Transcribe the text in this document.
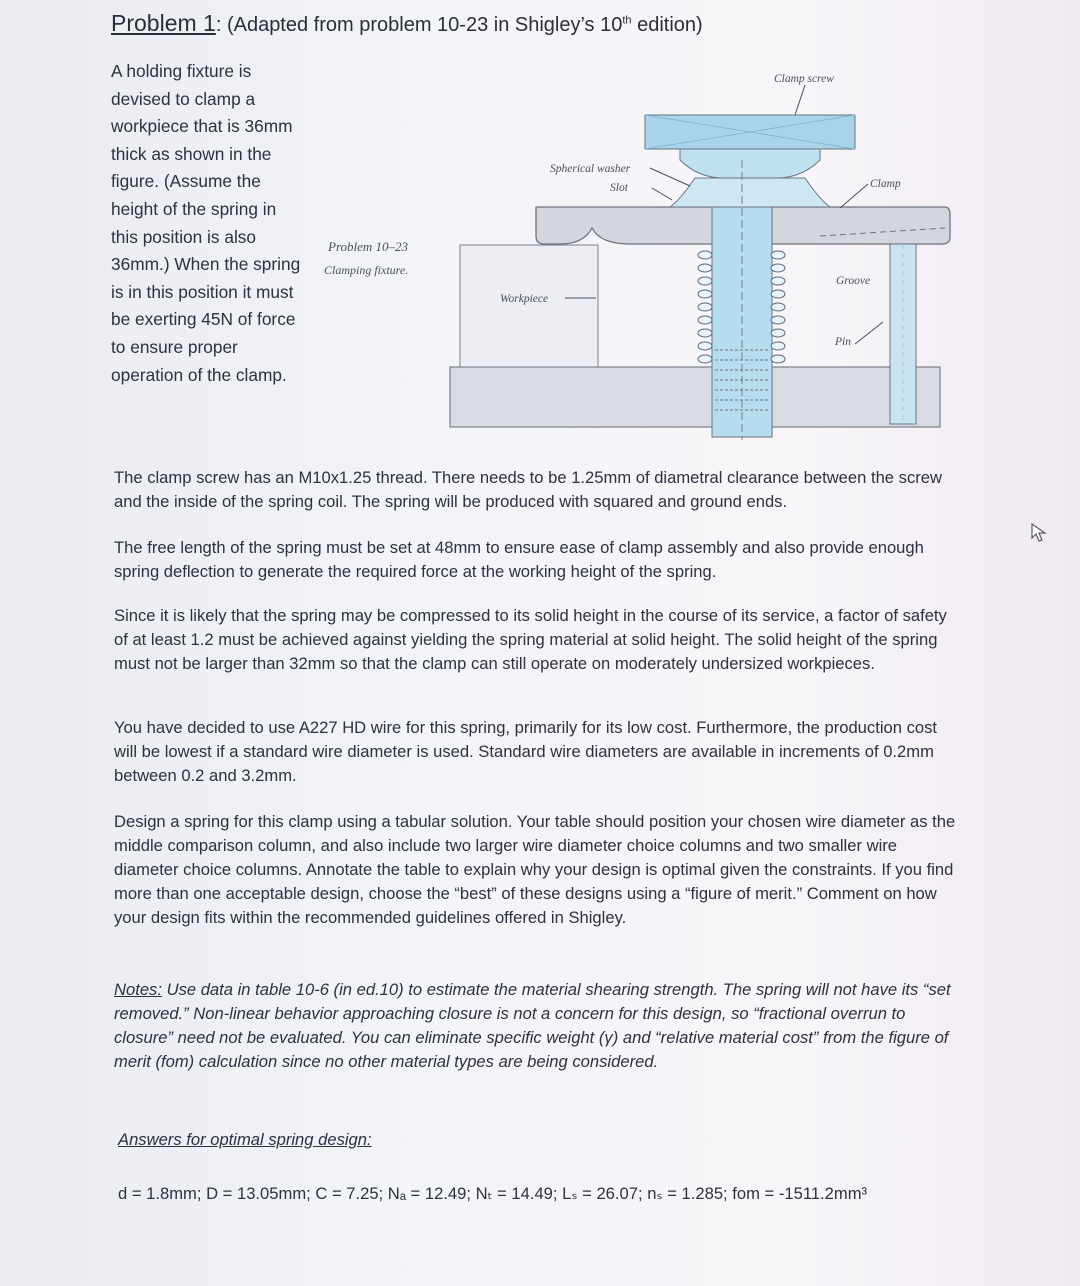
Problem 1: (Adapted from problem 10-23 in Shigley’s 10th edition)
A holding fixture is devised to clamp a workpiece that is 36mm thick as shown in the figure. (Assume the height of the spring in this position is also 36mm.) When the spring is in this position it must be exerting 45N of force to ensure proper operation of the clamp.
Clamp screw
Spherical washer
Slot	Clamp
Groove
Workpiece
Pin
Problem 10–23
Clamping fixture.
The clamp screw has an M10x1.25 thread. There needs to be 1.25mm of diametral clearance between the screw and the inside of the spring coil. The spring will be produced with squared and ground ends.
The free length of the spring must be set at 48mm to ensure ease of clamp assembly and also provide enough spring deflection to generate the required force at the working height of the spring.
Since it is likely that the spring may be compressed to its solid height in the course of its service, a factor of safety of at least 1.2 must be achieved against yielding the spring material at solid height. The solid height of the spring must not be larger than 32mm so that the clamp can still operate on moderately undersized workpieces.
You have decided to use A227 HD wire for this spring, primarily for its low cost. Furthermore, the production cost will be lowest if a standard wire diameter is used. Standard wire diameters are available in increments of 0.2mm between 0.2 and 3.2mm.
Design a spring for this clamp using a tabular solution. Your table should position your chosen wire diameter as the middle comparison column, and also include two larger wire diameter choice columns and two smaller wire diameter choice columns. Annotate the table to explain why your design is optimal given the constraints. If you find more than one acceptable design, choose the “best” of these designs using a “figure of merit.” Comment on how your design fits within the recommended guidelines offered in Shigley.
Notes: Use data in table 10-6 (in ed.10) to estimate the material shearing strength. The spring will not have its “set removed.” Non-linear behavior approaching closure is not a concern for this design, so “fractional overrun to closure” need not be evaluated. You can eliminate specific weight (γ) and “relative material cost” from the figure of merit (fom) calculation since no other material types are being considered.
Answers for optimal spring design:
d = 1.8mm; D = 13.05mm; C = 7.25; Nₐ = 12.49; Nₜ = 14.49; Lₛ = 26.07; nₛ = 1.285; fom = -1511.2mm³
